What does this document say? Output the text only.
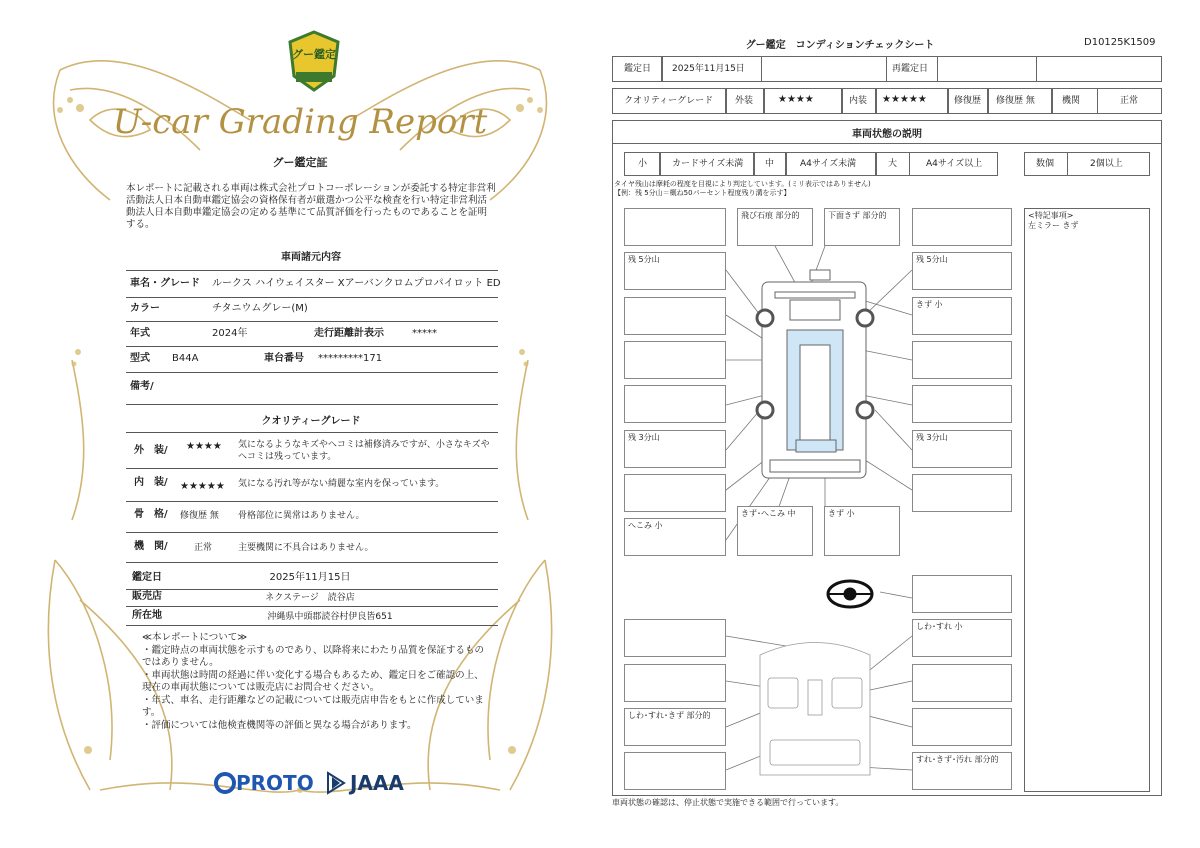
グー鑑定
U-car Grading Report
グー鑑定証
本レポートに記載される車両は株式会社プロトコーポレーションが委託する特定非営利活動法人日本自動車鑑定協会の資格保有者が厳選かつ公平な検査を行い特定非営利活動法人日本自動車鑑定協会の定める基準にて品質評価を行ったものであることを証明する。
車両諸元内容
車名・グレード ルークス ハイウェイスター Xアーバンクロムプロパイロット ED
カラー	チタニウムグレー(M)
年式	2024年	走行距離計表示	*****
型式 B44A	車台番号 *********171
備考/
クオリティーグレード
外　装/ ★★★★ 気になるようなキズやヘコミは補修済みですが、小さなキズやヘコミは残っています。
内　装/ ★★★★★ 気になる汚れ等がない綺麗な室内を保っています。
骨　格/ 修復歴 無 骨格部位に異常はありません。
機　関/	正常	主要機関に不具合はありません。
鑑定日	2025年11月15日
販売店	ネクステージ　読谷店
所在地	沖縄県中頭郡読谷村伊良皆651
≪本レポートについて≫
・鑑定時点の車両状態を示すものであり、以降将来にわたり品質を保証するものではありません。
・車両状態は時間の経過に伴い変化する場合もあるため、鑑定日をご確認の上、現在の車両状態については販売店にお問合せください。
・年式、車名、走行距離などの記載については販売店申告をもとに作成しています。
・評価については他検査機関等の評価と異なる場合があります。
PROTO JAAA
グー鑑定　コンディションチェックシート	D10125K1509
鑑定日 2025年11月15日	再鑑定日
クオリティーグレード 外装 ★★★★	内装 ★★★★★	修復歴 修復歴 無	機関	正常
車両状態の説明
小	カードサイズ未満 中	A4サイズ未満	大	A4サイズ以上	数個	2個以上
タイヤ残山は摩耗の程度を目視により判定しています。(ミリ表示ではありません)
【例：残 5分山＝概ね50パーセント程度残り溝を示す】
<特記事項>
左ミラー きず
残 5分山
残 3分山
へこみ 小
しわ･すれ･きず 部分的
飛び石痕 部分的	下面きず 部分的
きず･へこみ 中	きず 小
残 5分山
きず 小
残 3分山
しわ･すれ 小
すれ･きず･汚れ 部分的
車両状態の確認は、停止状態で実施できる範囲で行っています。
